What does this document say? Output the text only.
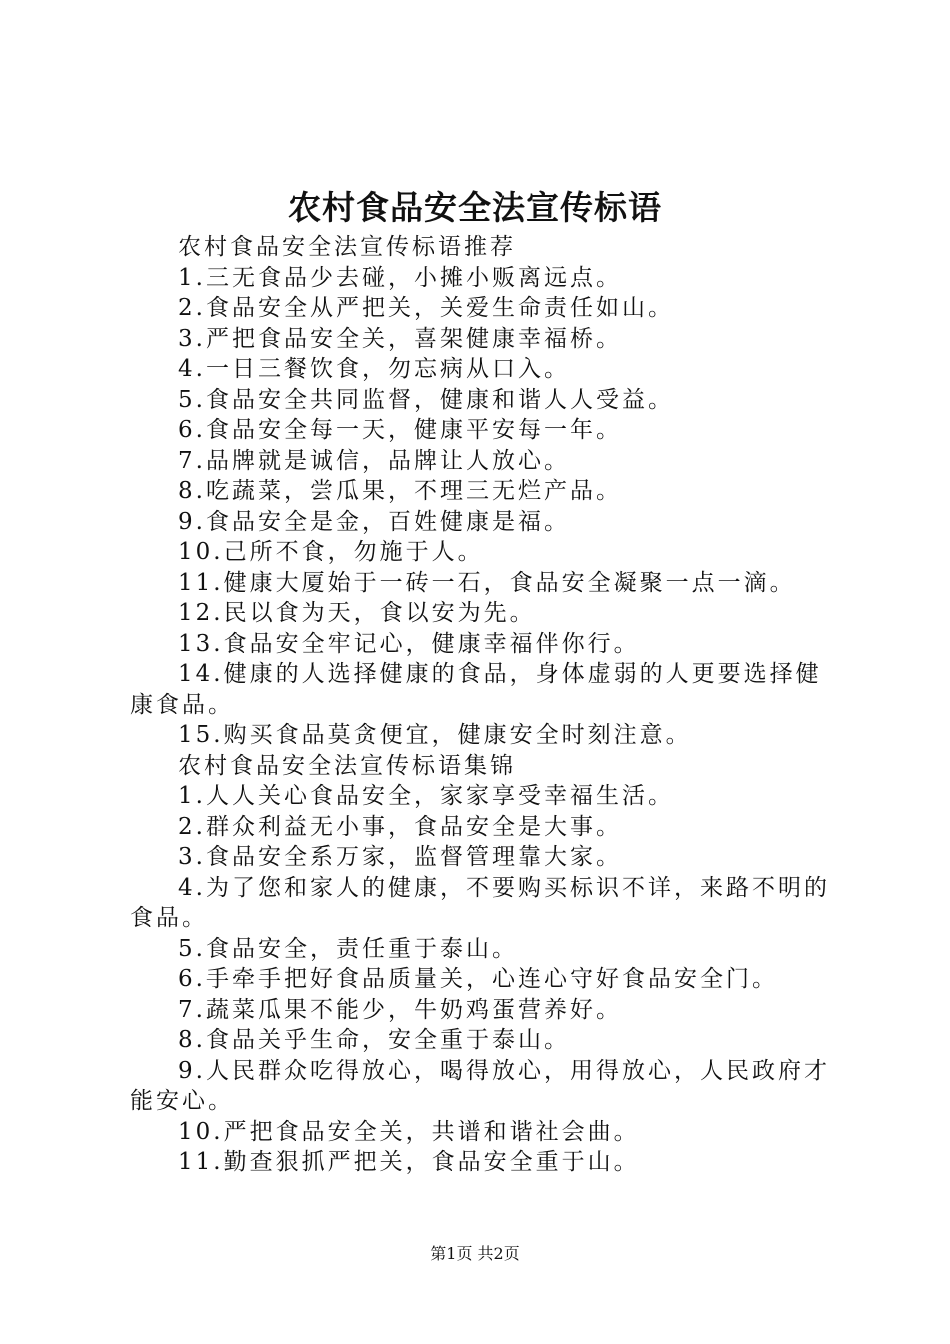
农村食品安全法宣传标语
农村食品安全法宣传标语推荐
1.三无食品少去碰，小摊小贩离远点。
2.食品安全从严把关，关爱生命责任如山。
3.严把食品安全关，喜架健康幸福桥。
4.一日三餐饮食，勿忘病从口入。
5.食品安全共同监督，健康和谐人人受益。
6.食品安全每一天，健康平安每一年。
7.品牌就是诚信，品牌让人放心。
8.吃蔬菜，尝瓜果，不理三无烂产品。
9.食品安全是金，百姓健康是福。
10.己所不食，勿施于人。
11.健康大厦始于一砖一石，食品安全凝聚一点一滴。
12.民以食为天，食以安为先。
13.食品安全牢记心，健康幸福伴你行。
14.健康的人选择健康的食品，身体虚弱的人更要选择健康食品。
15.购买食品莫贪便宜，健康安全时刻注意。
农村食品安全法宣传标语集锦
1.人人关心食品安全，家家享受幸福生活。
2.群众利益无小事，食品安全是大事。
3.食品安全系万家，监督管理靠大家。
4.为了您和家人的健康，不要购买标识不详，来路不明的食品。
5.食品安全，责任重于泰山。
6.手牵手把好食品质量关，心连心守好食品安全门。
7.蔬菜瓜果不能少，牛奶鸡蛋营养好。
8.食品关乎生命，安全重于泰山。
9.人民群众吃得放心，喝得放心，用得放心，人民政府才能安心。
10.严把食品安全关，共谱和谐社会曲。
11.勤查狠抓严把关，食品安全重于山。
第1页 共2页
